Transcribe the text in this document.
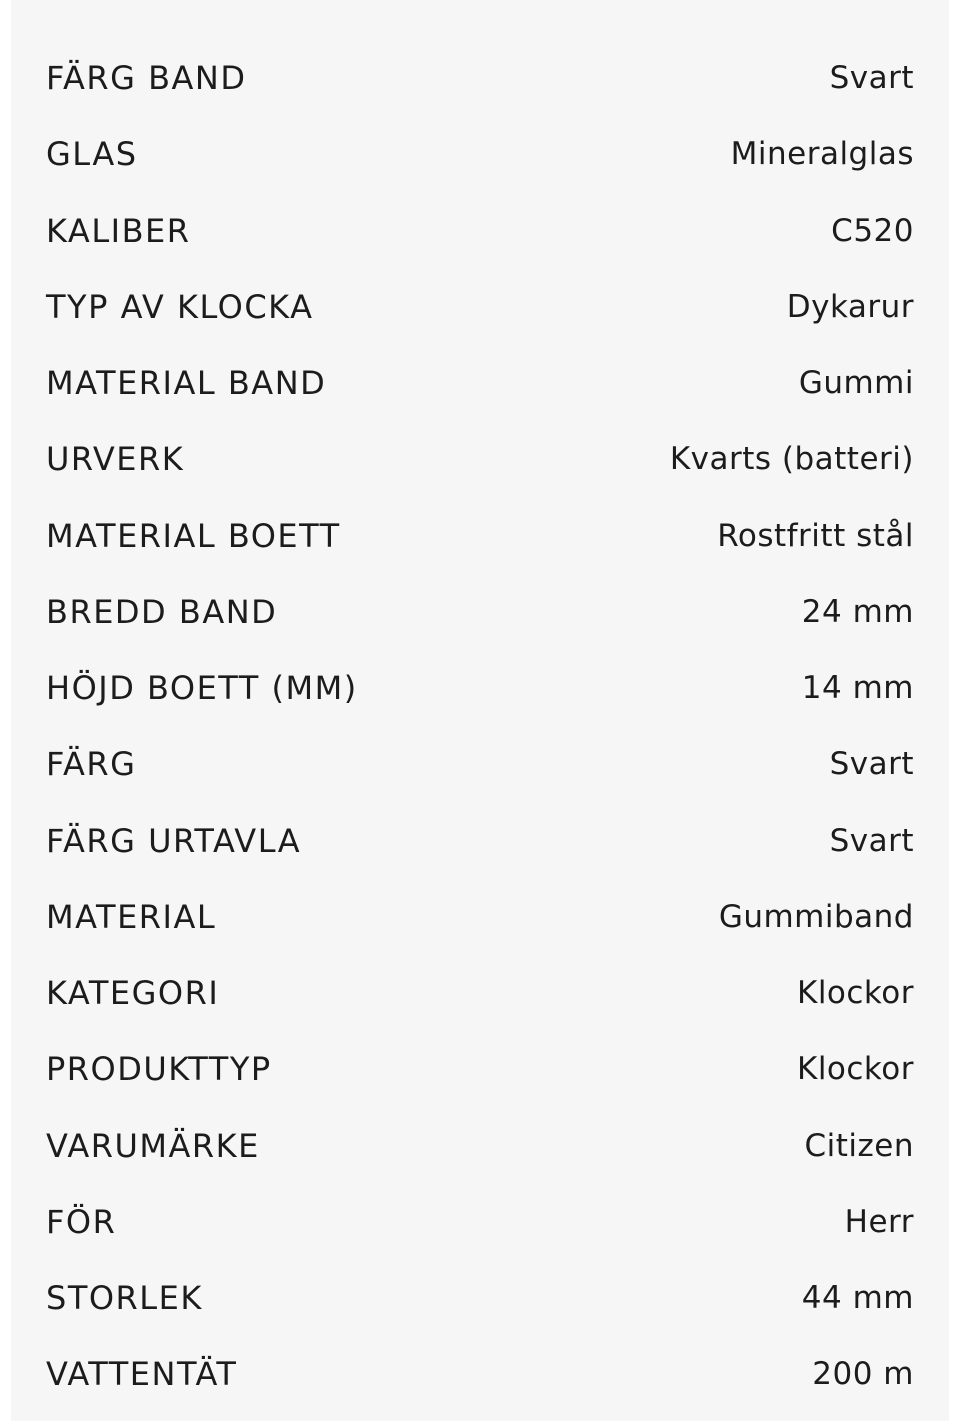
FÄRG BAND	Svart
GLAS	Mineralglas
KALIBER	C520
TYP AV KLOCKA	Dykarur
MATERIAL BAND	Gummi
URVERK	Kvarts (batteri)
MATERIAL BOETT	Rostfritt stål
BREDD BAND	24 mm
HÖJD BOETT (MM)	14 mm
FÄRG	Svart
FÄRG URTAVLA	Svart
MATERIAL	Gummiband
KATEGORI	Klockor
PRODUKTTYP	Klockor
VARUMÄRKE	Citizen
FÖR	Herr
STORLEK	44 mm
VATTENTÄT	200 m
